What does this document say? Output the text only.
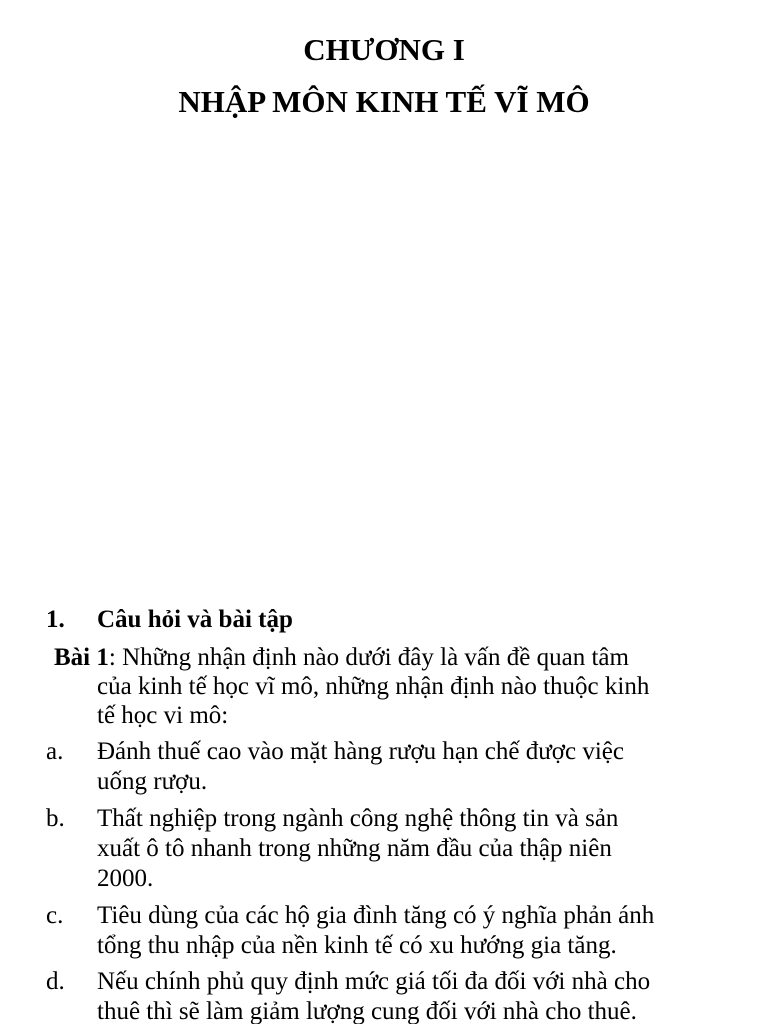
CHƯƠNG I
NHẬP MÔN KINH TẾ VĨ MÔ
1. Câu hỏi và bài tập
Bài 1: Những nhận định nào dưới đây là vấn đề quan tâm
của kinh tế học vĩ mô, những nhận định nào thuộc kinh
tế học vi mô:
a. Đánh thuế cao vào mặt hàng rượu hạn chế được việc
uống rượu.
b. Thất nghiệp trong ngành công nghệ thông tin và sản
xuất ô tô nhanh trong những năm đầu của thập niên
2000.
c. Tiêu dùng của các hộ gia đình tăng có ý nghĩa phản ánh
tổng thu nhập của nền kinh tế có xu hướng gia tăng.
d. Nếu chính phủ quy định mức giá tối đa đối với nhà cho
thuê thì sẽ làm giảm lượng cung đối với nhà cho thuê.
